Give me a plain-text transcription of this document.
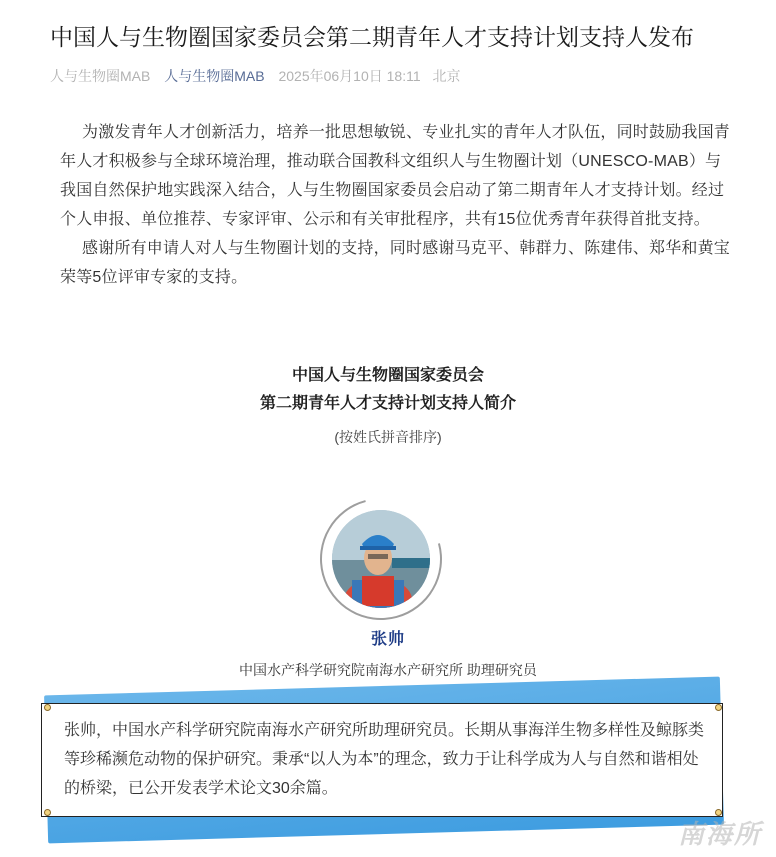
中国人与生物圈国家委员会第二期青年人才支持计划支持人发布
人与生物圈MAB 人与生物圈MAB 2025年06月10日 18:11 北京

为激发青年人才创新活力，培养一批思想敏锐、专业扎实的青年人才队伍，同时鼓励我国青年人才积极参与全球环境治理，推动联合国教科文组织人与生物圈计划（UNESCO-MAB）与我国自然保护地实践深入结合，人与生物圈国家委员会启动了第二期青年人才支持计划。经过个人申报、单位推荐、专家评审、公示和有关审批程序，共有15位优秀青年获得首批支持。

感谢所有申请人对人与生物圈计划的支持，同时感谢马克平、韩群力、陈建伟、郑华和黄宝荣等5位评审专家的支持。

中国人与生物圈国家委员会
第二期青年人才支持计划支持人简介
(按姓氏拼音排序)
张帅
中国水产科学研究院南海水产研究所 助理研究员
张帅，中国水产科学研究院南海水产研究所助理研究员。长期从事海洋生物多样性及鲸豚类等珍稀濒危动物的保护研究。秉承“以人为本”的理念，致力于让科学成为人与自然和谐相处的桥梁，已公开发表学术论文30余篇。
南海所
